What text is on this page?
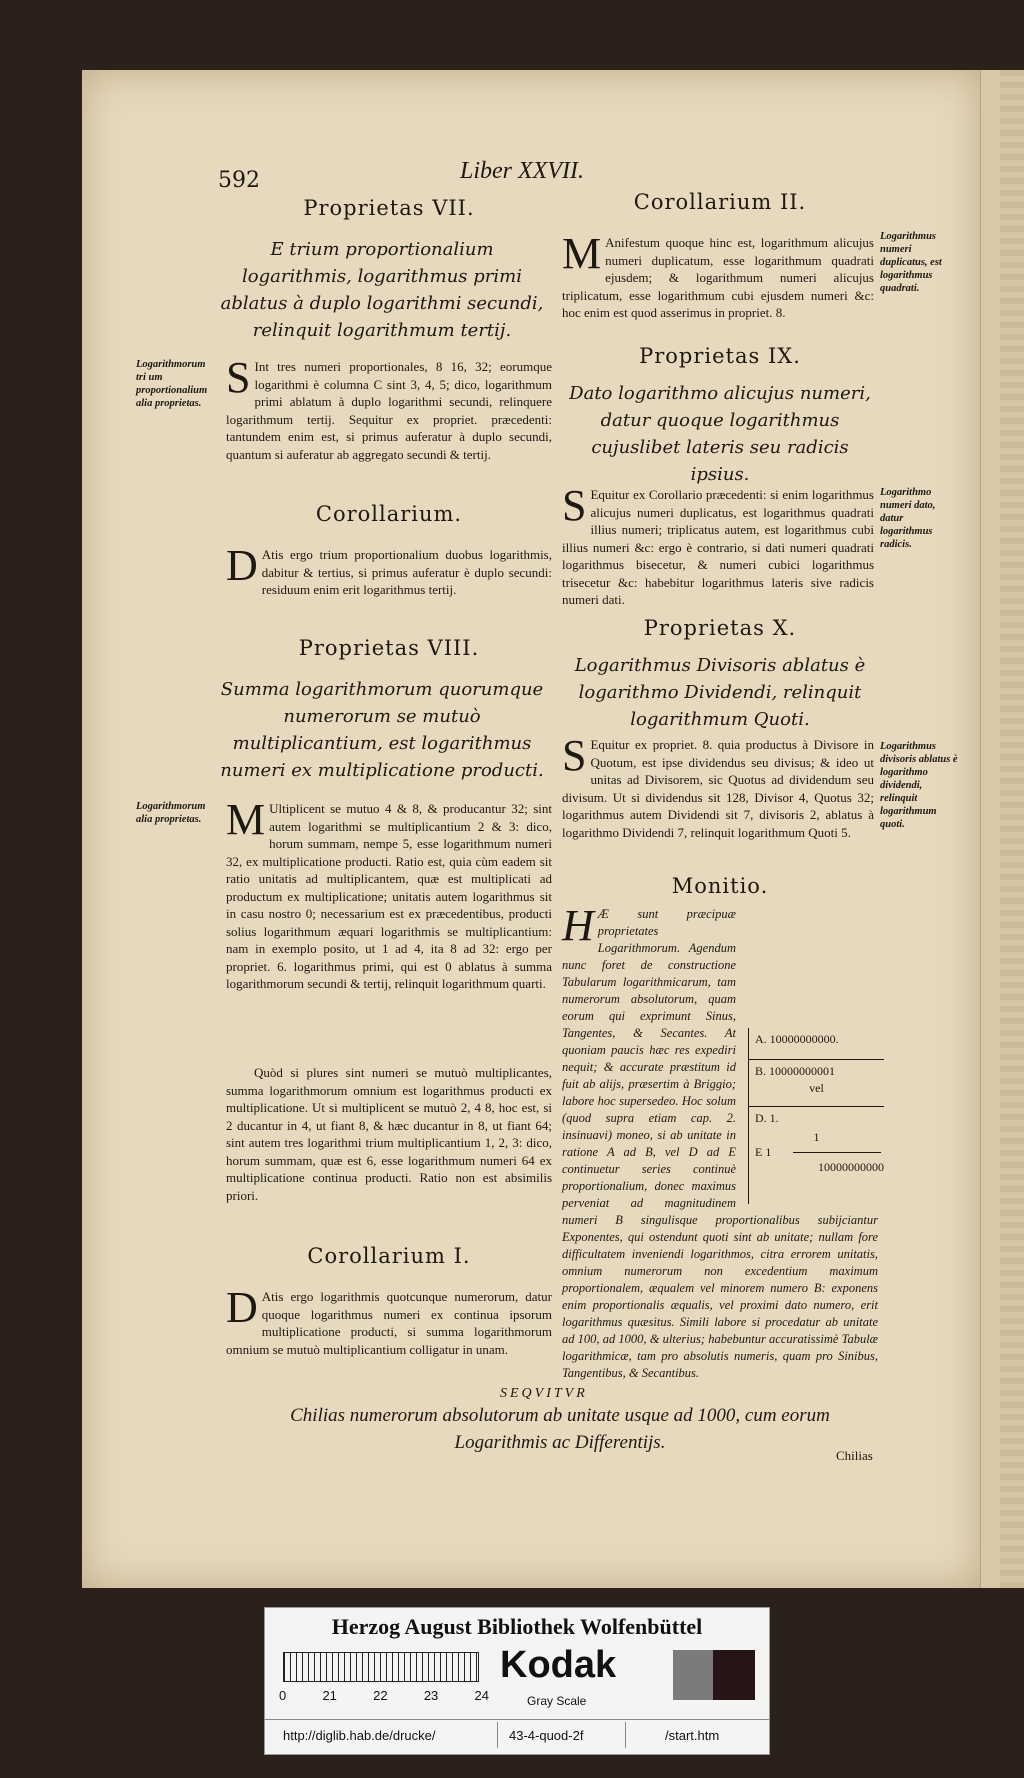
592	Liber XXVII.
Proprietas VII.
E trium proportionalium logarithmis, logarithmus primi ablatus à duplo logarithmi secundi, relinquit logarithmum tertij.
Logarithmorum tri um proportionalium alia proprietas.
S Int tres numeri proportionales, 8 16, 32; eorumque logarithmi è columna C sint 3, 4, 5; dico, logarithmum primi ablatum à duplo logarithmi secundi, relinquere logarithmum tertij. Sequitur ex propriet. præcedenti: tantundem enim est, si primus auferatur à duplo secundi, quantum si auferatur ab aggregato secundi & tertij.
Corollarium.
D Atis ergo trium proportionalium duobus logarithmis, dabitur & tertius, si primus auferatur è duplo secundi: residuum enim erit logarithmus tertij.
Proprietas VIII.
Summa logarithmorum quorumque numerorum se mutuò multiplicantium, est logarithmus numeri ex multiplicatione producti.
Logarithmorum alia proprietas. M Ultiplicent se mutuo 4 & 8, & producantur 32; sint autem logarithmi se multiplicantium 2 & 3: dico, horum summam, nempe 5, esse logarithmum numeri 32, ex multiplicatione producti. Ratio est, quia cùm eadem sit ratio unitatis ad multiplicantem, quæ est multiplicati ad productum ex multiplicatione; unitatis autem logarithmus sit in casu nostro 0; necessarium est ex præcedentibus, producti solius logarithmum æquari logarithmis se multiplicantium: nam in exemplo posito, ut 1 ad 4, ita 8 ad 32: ergo per propriet. 6. logarithmus primi, qui est 0 ablatus à summa logarithmorum secundi & tertij, relinquit logarithmum quarti.
Quòd si plures sint numeri se mutuò multiplicantes, summa logarithmorum omnium est logarithmus producti ex multiplicatione. Ut si multiplicent se mutuò 2, 4 8, hoc est, si 2 ducantur in 4, ut fiant 8, & hæc ducantur in 8, ut fiant 64; sint autem tres logarithmi trium multiplicantium 1, 2, 3: dico, horum summam, quæ est 6, esse logarithmum numeri 64 ex multiplicatione continua producti. Ratio non est absimilis priori.
Corollarium I.
D Atis ergo logarithmis quotcunque numerorum, datur quoque logarithmus numeri ex continua ipsorum multiplicatione producti, si summa logarithmorum omnium se mutuò multiplicantium colligatur in unam.
Corollarium II.
M Anifestum quoque hinc est, logarithmum alicujus numeri duplicatum, esse logarithmum quadrati ejusdem; & logarithmum numeri alicujus triplicatum, esse logarithmum cubi ejusdem numeri &c: hoc enim est quod asserimus in propriet. 8.
Logarithmus numeri duplicatus, est logarithmus quadrati.
Proprietas IX.
Dato logarithmo alicujus numeri, datur quoque logarithmus cujuslibet lateris seu radicis ipsius.
S Equitur ex Corollario præcedenti: si enim logarithmus alicujus numeri duplicatus, est logarithmus quadrati illius numeri; triplicatus autem, est logarithmus cubi illius numeri &c: ergo è contrario, si dati numeri quadrati logarithmus bisecetur, & numeri cubici logarithmus trisecetur &c: habebitur logarithmus lateris sive radicis numeri dati.
Logarithmo numeri dato, datur logarithmus radicis.
Proprietas X.
Logarithmus Divisoris ablatus è logarithmo Dividendi, relinquit logarithmum Quoti.
S Equitur ex propriet. 8. quia productus à Divisore in Quotum, est ipse dividendus seu divisus; & ideo ut unitas ad Divisorem, sic Quotus ad dividendum seu divisum. Ut si dividendus sit 128, Divisor 4, Quotus 32; logarithmus autem Dividendi sit 7, divisoris 2, ablatus à logarithmo Dividendi 7, relinquit logarithmum Quoti 5.
Logarithmus divisoris ablatus è logarithmo dividendi, relinquit logarithmum quoti.
Monitio.
H Æ sunt præcipuæ proprietates Logarithmorum. Agendum nunc foret de constructione Tabularum logarithmicarum, tam numerorum absolutorum, quam eorum qui exprimunt Sinus, Tangentes, & Secantes. At quoniam paucis hæc res expediri nequit; & accurate præstitum id fuit ab alijs, præsertim à Briggio; labore hoc supersedeo. Hoc solum (quod supra etiam cap. 2. insinuavi) moneo, si ab unitate in ratione A ad B, vel D ad E continuetur series continuè proportionalium, donec maximus perveniat ad magnitudinem numeri B singulisque proportionalibus subijciantur Exponentes, qui ostendunt quoti sint ab unitate; nullam fore difficultatem inveniendi logarithmos, citra errorem unitatis, omnium numerorum non excedentium maximum proportionalem, æqualem vel minorem numero B: exponens enim proportionalis æqualis, vel proximi dato numero, erit logarithmus quæsitus. Simili labore si procedatur ab unitate ad 100, ad 1000, & ulterius; habebuntur accuratissimè Tabulæ logarithmicæ, tam pro absolutis numeris, quam pro Sinibus, Tangentibus, & Secantibus.
A. 10000000000.
B. 10000000001
vel
D. 1.
1
E 1
10000000000
SEQVITVR
Chilias numerorum absolutorum ab unitate usque ad 1000, cum eorum Logarithmis ac Differentijs.
Chilias
Herzog August Bibliothek Wolfenbüttel
0	21	22	23	24
Kodak
Gray Scale
http://diglib.hab.de/drucke/	43-4-quod-2f	/start.htm
